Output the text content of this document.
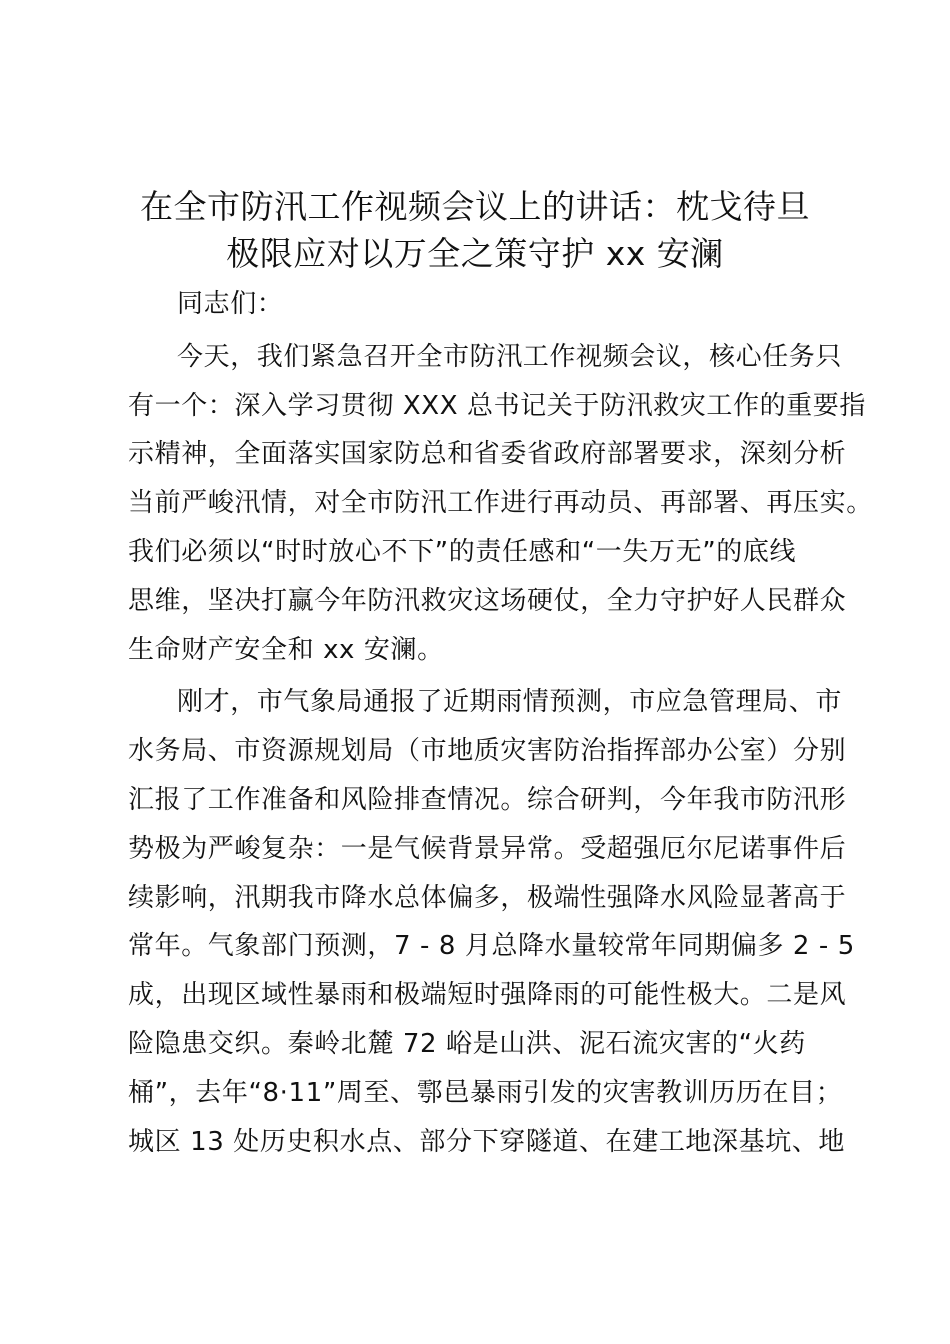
在全市防汛工作视频会议上的讲话：枕戈待旦
极限应对以万全之策守护 xx 安澜
同志们：
今天，我们紧急召开全市防汛工作视频会议，核心任务只
有一个：深入学习贯彻 XXX 总书记关于防汛救灾工作的重要指
示精神，全面落实国家防总和省委省政府部署要求，深刻分析
当前严峻汛情，对全市防汛工作进行再动员、再部署、再压实。
我们必须以“时时放心不下”的责任感和“一失万无”的底线
思维，坚决打赢今年防汛救灾这场硬仗，全力守护好人民群众
生命财产安全和 xx 安澜。
刚才，市气象局通报了近期雨情预测，市应急管理局、市
水务局、市资源规划局（市地质灾害防治指挥部办公室）分别
汇报了工作准备和风险排查情况。综合研判，今年我市防汛形
势极为严峻复杂：一是气候背景异常。受超强厄尔尼诺事件后
续影响，汛期我市降水总体偏多，极端性强降水风险显著高于
常年。气象部门预测，7 - 8 月总降水量较常年同期偏多 2 - 5
成，出现区域性暴雨和极端短时强降雨的可能性极大。二是风
险隐患交织。秦岭北麓 72 峪是山洪、泥石流灾害的“火药
桶”，去年“8·11”周至、鄠邑暴雨引发的灾害教训历历在目；
城区 13 处历史积水点、部分下穿隧道、在建工地深基坑、地
